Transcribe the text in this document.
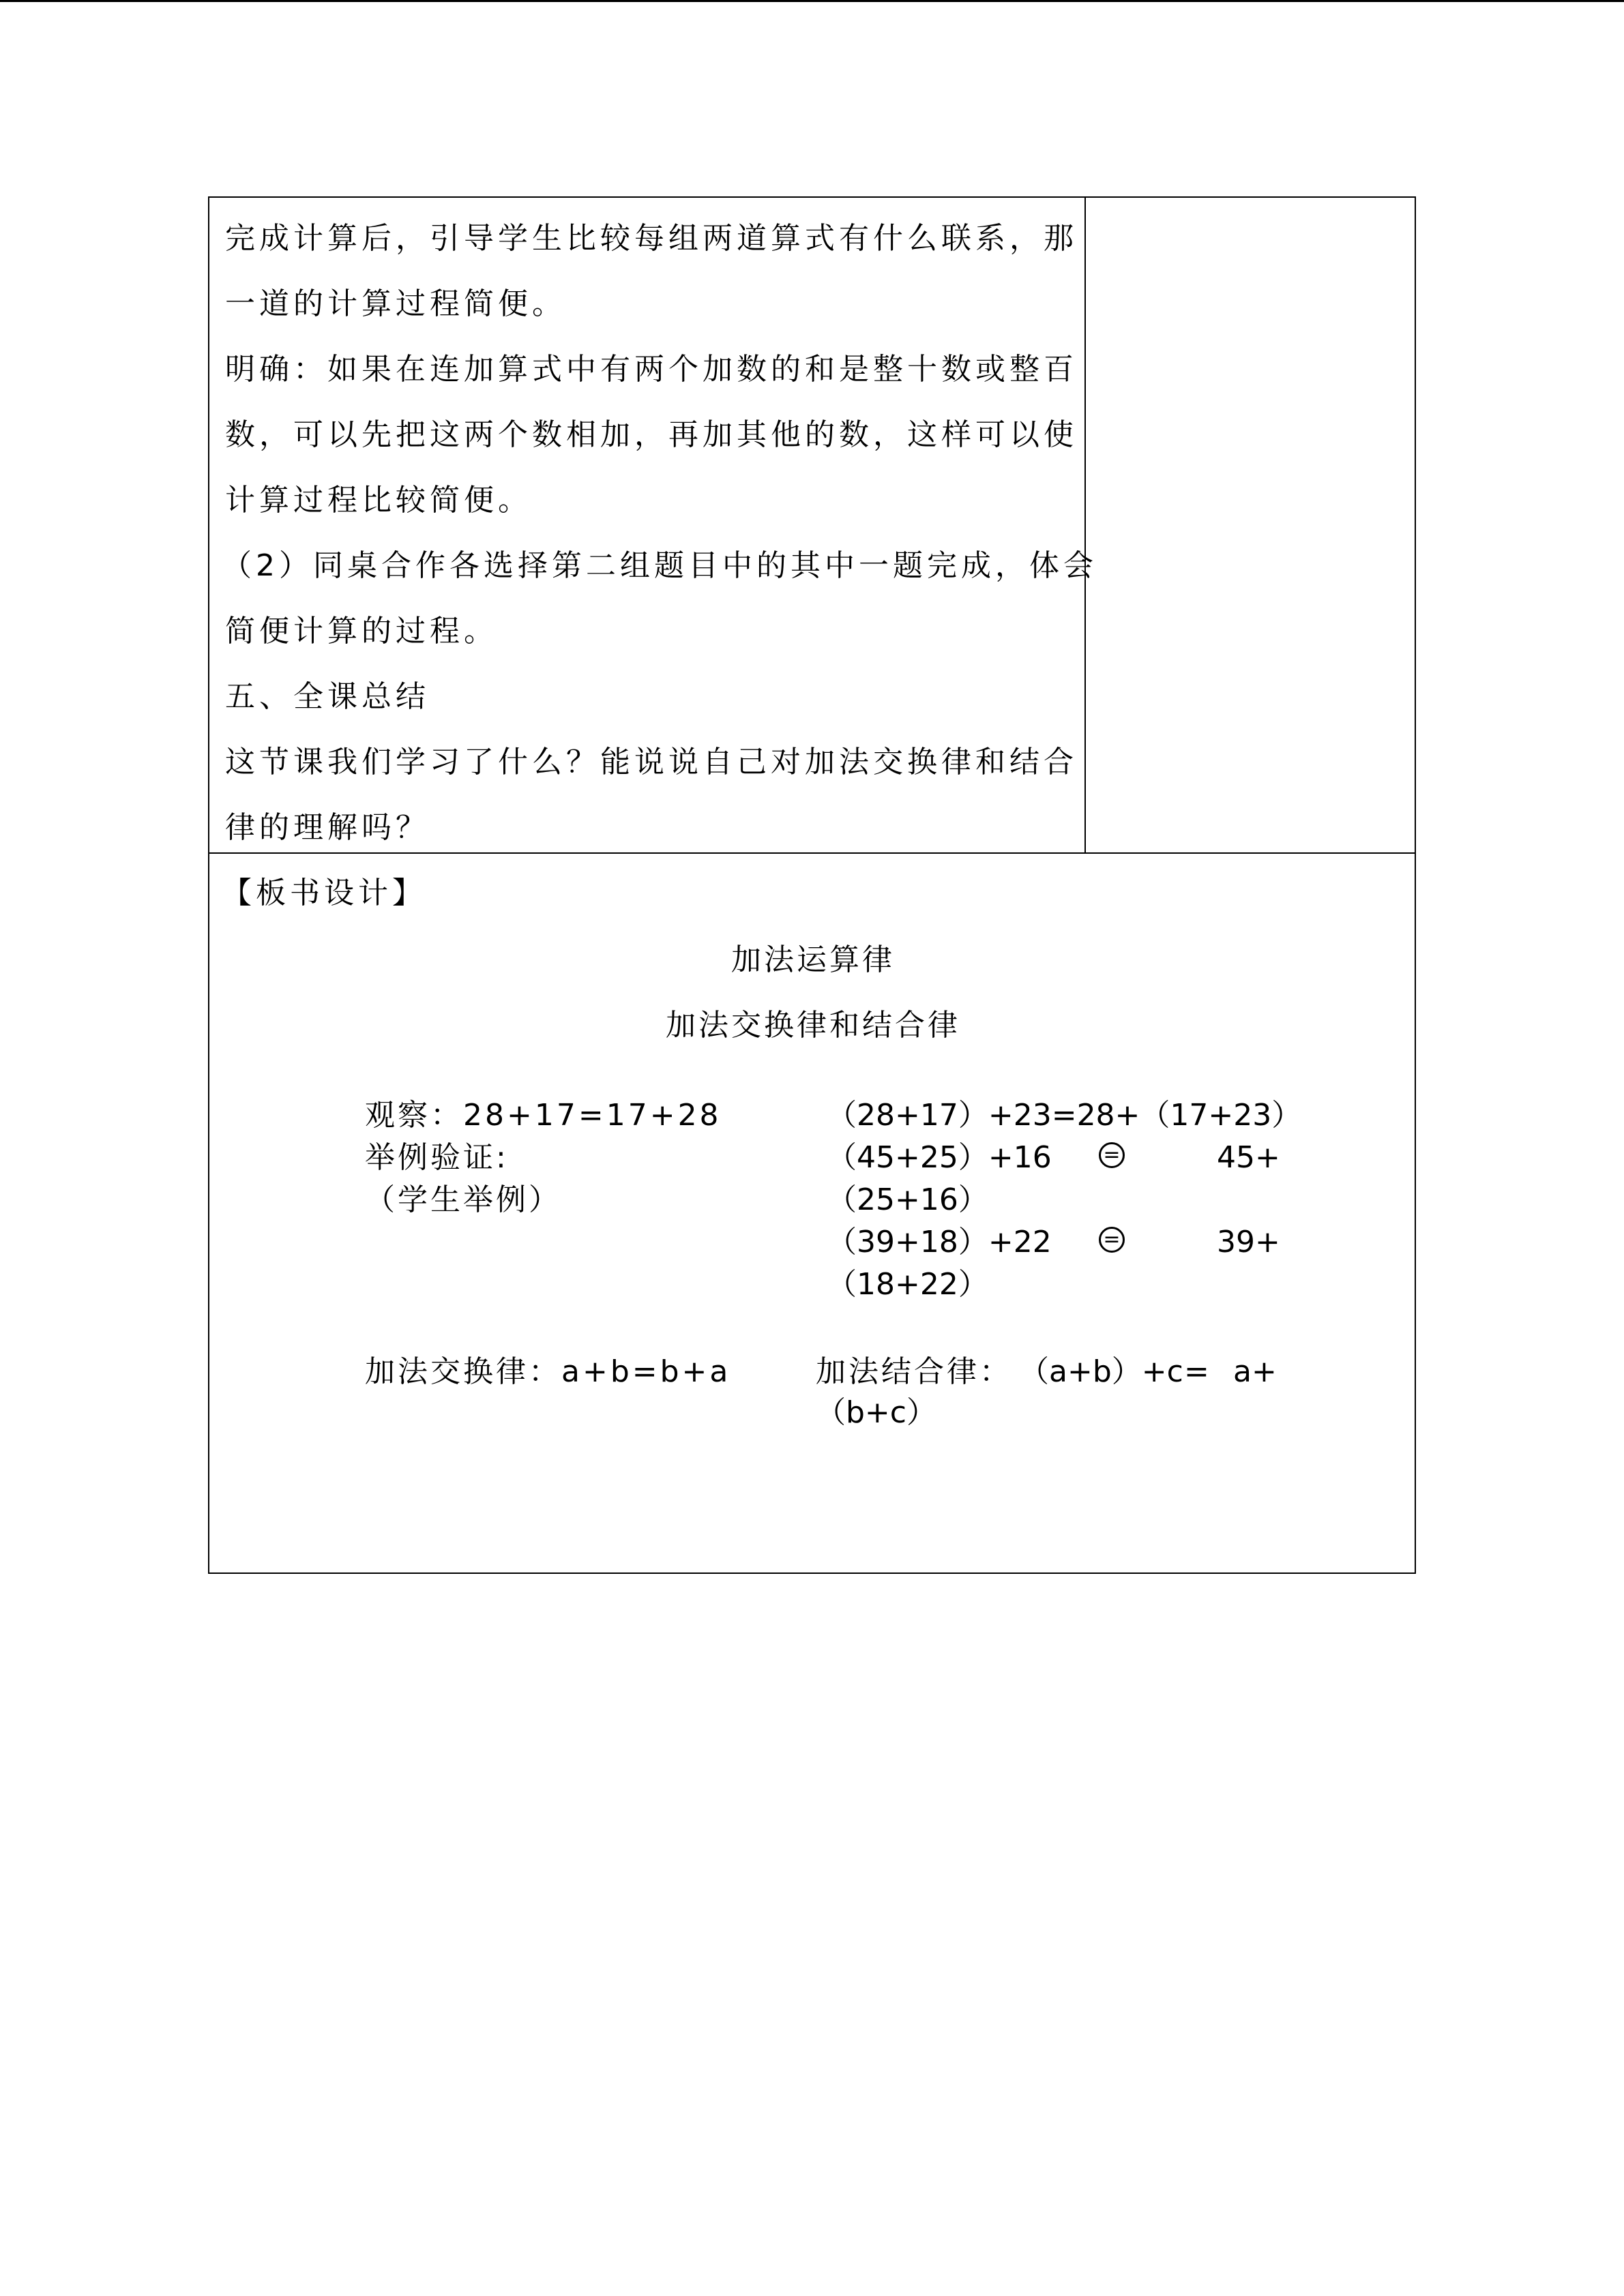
完成计算后，引导学生比较每组两道算式有什么联系，那
一道的计算过程简便。
明确：如果在连加算式中有两个加数的和是整十数或整百
数，可以先把这两个数相加，再加其他的数，这样可以使
计算过程比较简便。
（2）同桌合作各选择第二组题目中的其中一题完成，体会
简便计算的过程。
五、全课总结
这节课我们学习了什么？能说说自己对加法交换律和结合
律的理解吗？
【板书设计】
加法运算律
加法交换律和结合律
观察：28+17=17+28
举例验证:
（学生举例）
加法交换律：a+b=b+a
（28+17）+23=28+（17+23）
（45+25）+16	=	45+
（25+16）
（39+18）+22	=	39+
（18+22）
加法结合律： （a+b）+c = a+
（b+c）
